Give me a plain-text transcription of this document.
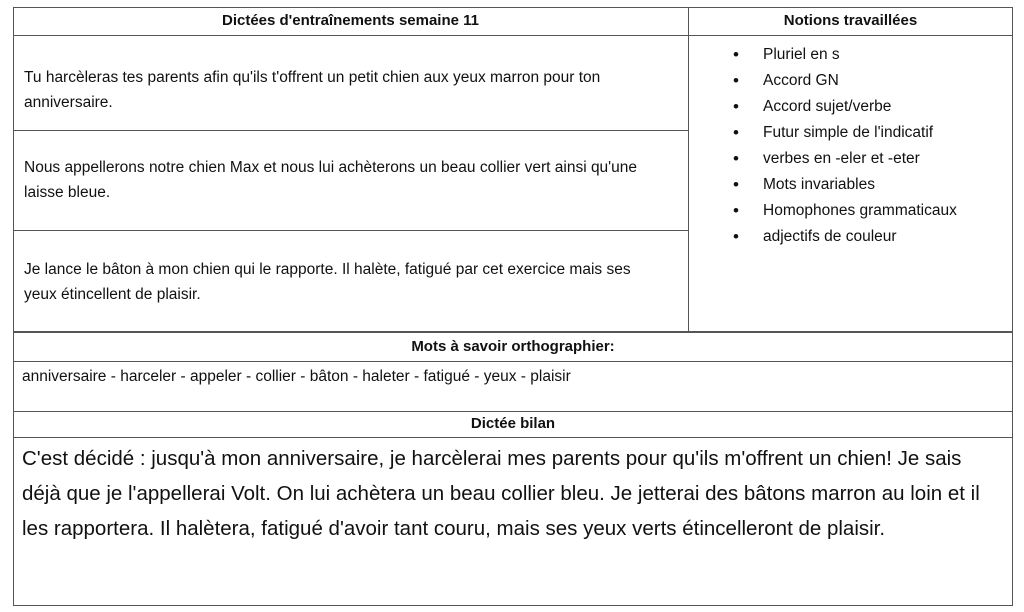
Dictées d'entraînements semaine 11	Notions travaillées
Tu harcèleras tes parents afin qu'ils t'offrent un petit chien aux yeux marron pour ton anniversaire.
Nous appellerons notre chien Max et nous lui achèterons un beau collier vert ainsi qu'une laisse bleue.
Je lance le bâton à mon chien qui le rapporte. Il halète, fatigué par cet exercice mais ses yeux étincellent de plaisir.
• Pluriel en s
• Accord GN
• Accord sujet/verbe
• Futur simple de l'indicatif
• verbes en -eler et -eter
• Mots invariables
• Homophones grammaticaux
• adjectifs de couleur
Mots à savoir orthographier:
anniversaire - harceler - appeler - collier - bâton - haleter - fatigué - yeux - plaisir
Dictée bilan
C'est décidé : jusqu'à mon anniversaire, je harcèlerai mes parents pour qu'ils m'offrent un chien! Je sais déjà que je l'appellerai Volt. On lui achètera un beau collier bleu. Je jetterai des bâtons marron au loin et il les rapportera. Il halètera, fatigué d'avoir tant couru, mais ses yeux verts étincelleront de plaisir.
